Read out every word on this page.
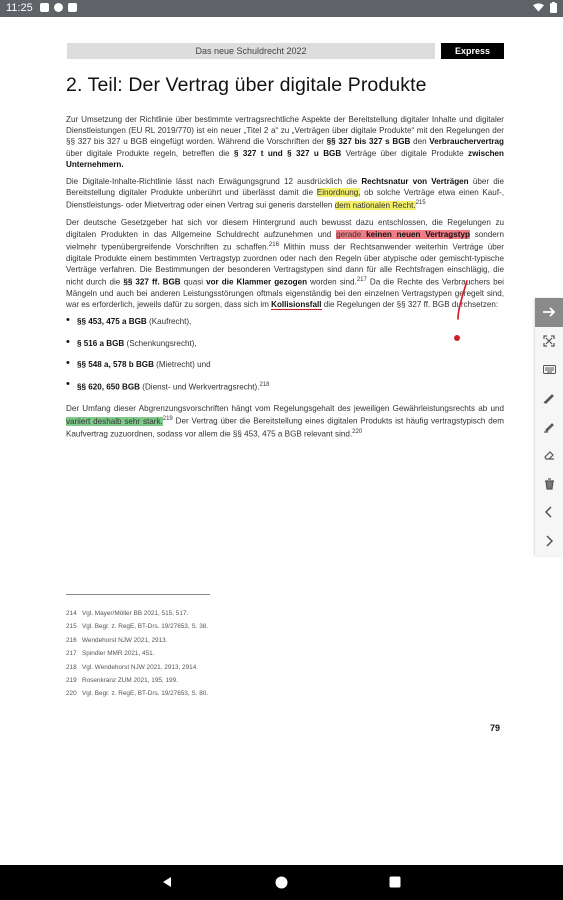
11:25
Das neue Schuldrecht 2022	Express
2. Teil: Der Vertrag über digitale Produkte

Zur Umsetzung der Richtlinie über bestimmte vertragsrechtliche Aspekte der Bereitstellung digitaler Inhalte und digitaler Dienstleistungen (EU RL 2019/770) ist ein neuer „Titel 2 a“ zu „Verträgen über digitale Produkte“ mit den Regelungen der §§ 327 bis 327 u BGB eingefügt worden. Während die Vorschriften der §§ 327 bis 327 s BGB den Verbrauchervertrag über digitale Produkte regeln, betreffen die § 327 t und § 327 u BGB Verträge über digitale Produkte zwischen Unternehmern.

Die Digitale-Inhalte-Richtlinie lässt nach Erwägungsgrund 12 ausdrücklich die Rechtsnatur von Verträgen über die Bereitstellung digitaler Produkte unberührt und überlässt damit die Einordnung, ob solche Verträge etwa einen Kauf-, Dienstleistungs- oder Mietvertrag oder einen Vertrag sui generis darstellen dem nationalen Recht.$^{215}$

Der deutsche Gesetzgeber hat sich vor diesem Hintergrund auch bewusst dazu entschlossen, die Regelungen zu digitalen Produkten in das Allgemeine Schuldrecht aufzunehmen und gerade keinen neuen Vertragstyp sondern vielmehr typenübergreifende Vorschriften zu schaffen.$^{216}$ Mithin muss der Rechtsanwender weiterhin Verträge über digitale Produkte einem bestimmten Vertragstyp zuordnen oder nach den Regeln über atypische oder gemischt-typische Verträge verfahren. Die Bestimmungen der besonderen Vertragstypen sind dann für alle Rechtsfragen einschlägig, die nicht durch die §§ 327 ff. BGB quasi vor die Klammer gezogen worden sind.$^{217}$ Da die Rechte des Verbrauchers bei Mängeln und auch bei anderen Leistungsstörungen oftmals eigenständig bei den einzelnen Vertragstypen geregelt sind, war es erforderlich, jeweils dafür zu sorgen, dass sich im Kollisionsfall die Regelungen der §§ 327 ff. BGB durchsetzen:

• §§ 453, 475 a BGB (Kaufrecht),
• § 516 a BGB (Schenkungsrecht),
• §§ 548 a, 578 b BGB (Mietrecht) und
• §§ 620, 650 BGB (Dienst- und Werkvertragsrecht).$^{218}$

Der Umfang dieser Abgrenzungsvorschriften hängt vom Regelungsgehalt des jeweiligen Gewährleistungsrechts ab und variiert deshalb sehr stark.$^{219}$ Der Vertrag über die Bereitstellung eines digitalen Produkts ist häufig vertragstypisch dem Kaufvertrag zuzuordnen, sodass vor allem die §§ 453, 475 a BGB relevant sind.$^{220}$

214 Vgl. Mayer/Möller BB 2021, 515, 517.
215 Vgl. Begr. z. RegE, BT-Drs. 19/27653, S. 38.
216 Wendehorst NJW 2021, 2913.
217 Spindler MMR 2021, 451.
218 Vgl. Wendehorst NJW 2021, 2913, 2914.
219 Rosenkranz ZUM 2021, 195, 199.
220 Vgl. Begr. z. RegE, BT-Drs. 19/27653, S. 80.
79
